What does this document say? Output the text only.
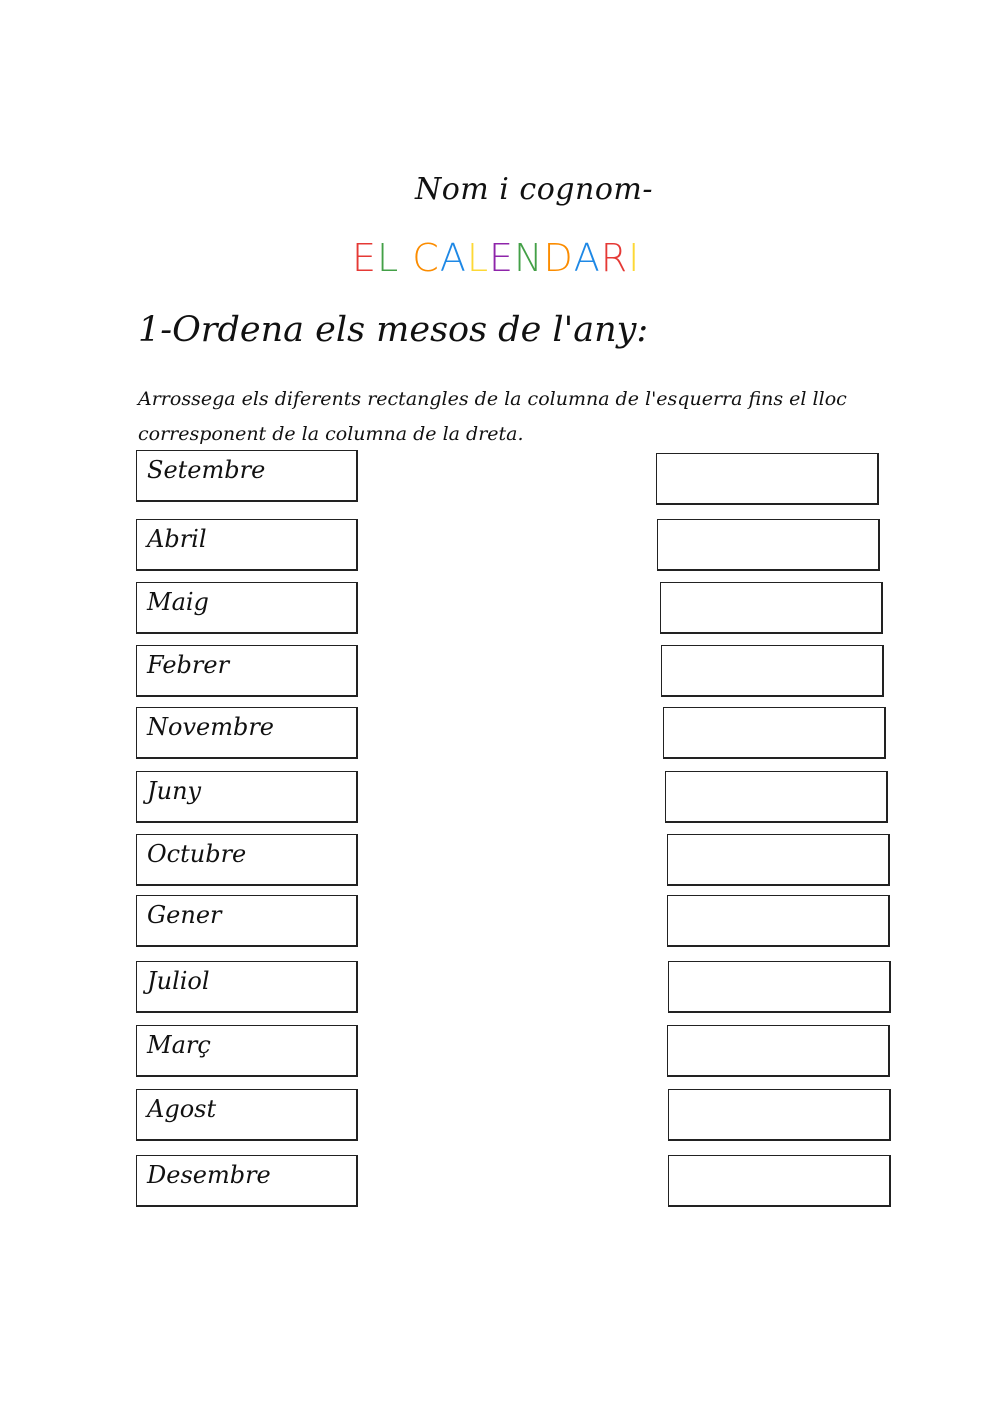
Nom i cognom-
EL CALENDARI
1-Ordena els mesos de l'any:
Arrossega els diferents rectangles de la columna de l'esquerra fins el lloc corresponent de la columna de la dreta.
Setembre
Abril
Maig
Febrer
Novembre
Juny
Octubre
Gener
Juliol
Març
Agost
Desembre
